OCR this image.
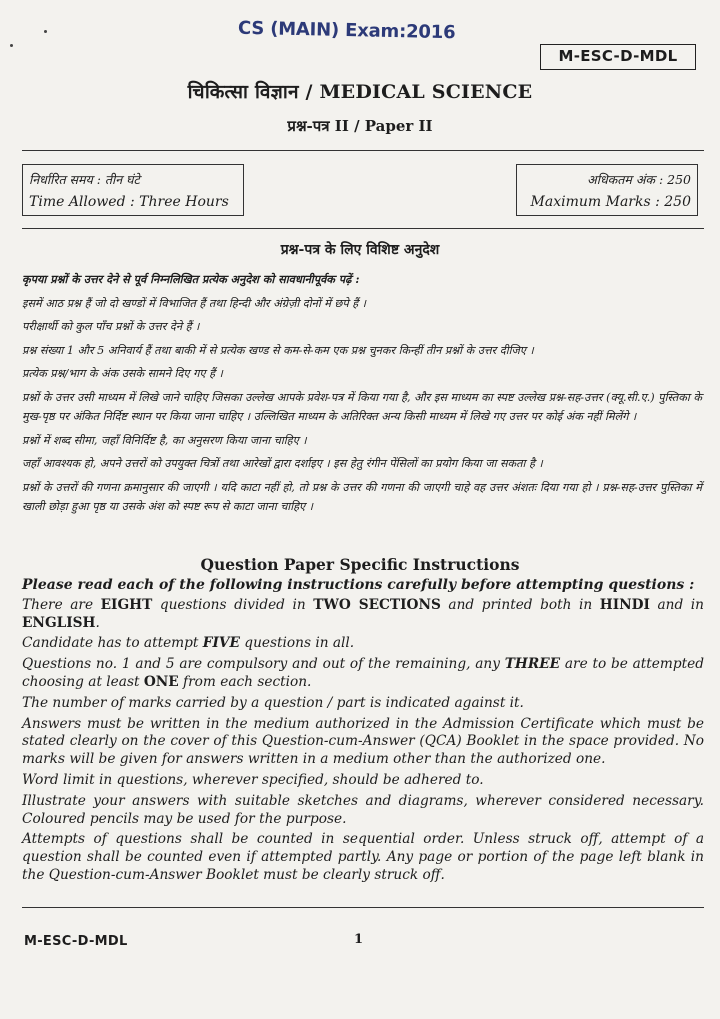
CS (MAIN) Exam:2016
M-ESC-D-MDL
चिकित्सा विज्ञान / MEDICAL SCIENCE
प्रश्न-पत्र II / Paper II
निर्धारित समय : तीन घंटे
Time Allowed : Three Hours
अधिकतम अंक : 250
Maximum Marks : 250
प्रश्न-पत्र के लिए विशिष्ट अनुदेश

कृपया प्रश्नों के उत्तर देने से पूर्व निम्नलिखित प्रत्येक अनुदेश को सावधानीपूर्वक पढ़ें :

इसमें आठ प्रश्न हैं जो दो खण्डों में विभाजित हैं तथा हिन्दी और अंग्रेज़ी दोनों में छपे हैं ।

परीक्षार्थी को कुल पाँच प्रश्नों के उत्तर देने हैं ।

प्रश्न संख्या 1 और 5 अनिवार्य हैं तथा बाकी में से प्रत्येक खण्ड से कम-से-कम एक प्रश्न चुनकर किन्हीं तीन प्रश्नों के उत्तर दीजिए ।

प्रत्येक प्रश्न/भाग के अंक उसके सामने दिए गए हैं ।

प्रश्नों के उत्तर उसी माध्यम में लिखे जाने चाहिए जिसका उल्लेख आपके प्रवेश-पत्र में किया गया है, और इस माध्यम का स्पष्ट उल्लेख प्रश्न-सह-उत्तर (क्यू.सी.ए.) पुस्तिका के मुख-पृष्ठ पर अंकित निर्दिष्ट स्थान पर किया जाना चाहिए । उल्लिखित माध्यम के अतिरिक्त अन्य किसी माध्यम में लिखे गए उत्तर पर कोई अंक नहीं मिलेंगे ।

प्रश्नों में शब्द सीमा, जहाँ विनिर्दिष्ट है, का अनुसरण किया जाना चाहिए ।

जहाँ आवश्यक हो, अपने उत्तरों को उपयुक्त चित्रों तथा आरेखों द्वारा दर्शाइए । इस हेतु रंगीन पेंसिलों का प्रयोग किया जा सकता है ।

प्रश्नों के उत्तरों की गणना क्रमानुसार की जाएगी । यदि काटा नहीं हो, तो प्रश्न के उत्तर की गणना की जाएगी चाहे वह उत्तर अंशतः दिया गया हो । प्रश्न-सह-उत्तर पुस्तिका में खाली छोड़ा हुआ पृष्ठ या उसके अंश को स्पष्ट रूप से काटा जाना चाहिए ।

Question Paper Specific Instructions

Please read each of the following instructions carefully before attempting questions :

There are EIGHT questions divided in TWO SECTIONS and printed both in HINDI and in ENGLISH.

Candidate has to attempt FIVE questions in all.

Questions no. 1 and 5 are compulsory and out of the remaining, any THREE are to be attempted choosing at least ONE from each section.

The number of marks carried by a question / part is indicated against it.

Answers must be written in the medium authorized in the Admission Certificate which must be stated clearly on the cover of this Question-cum-Answer (QCA) Booklet in the space provided. No marks will be given for answers written in a medium other than the authorized one.

Word limit in questions, wherever specified, should be adhered to.

Illustrate your answers with suitable sketches and diagrams, wherever considered necessary. Coloured pencils may be used for the purpose.

Attempts of questions shall be counted in sequential order. Unless struck off, attempt of a question shall be counted even if attempted partly. Any page or portion of the page left blank in the Question-cum-Answer Booklet must be clearly struck off.

M-ESC-D-MDL	1
